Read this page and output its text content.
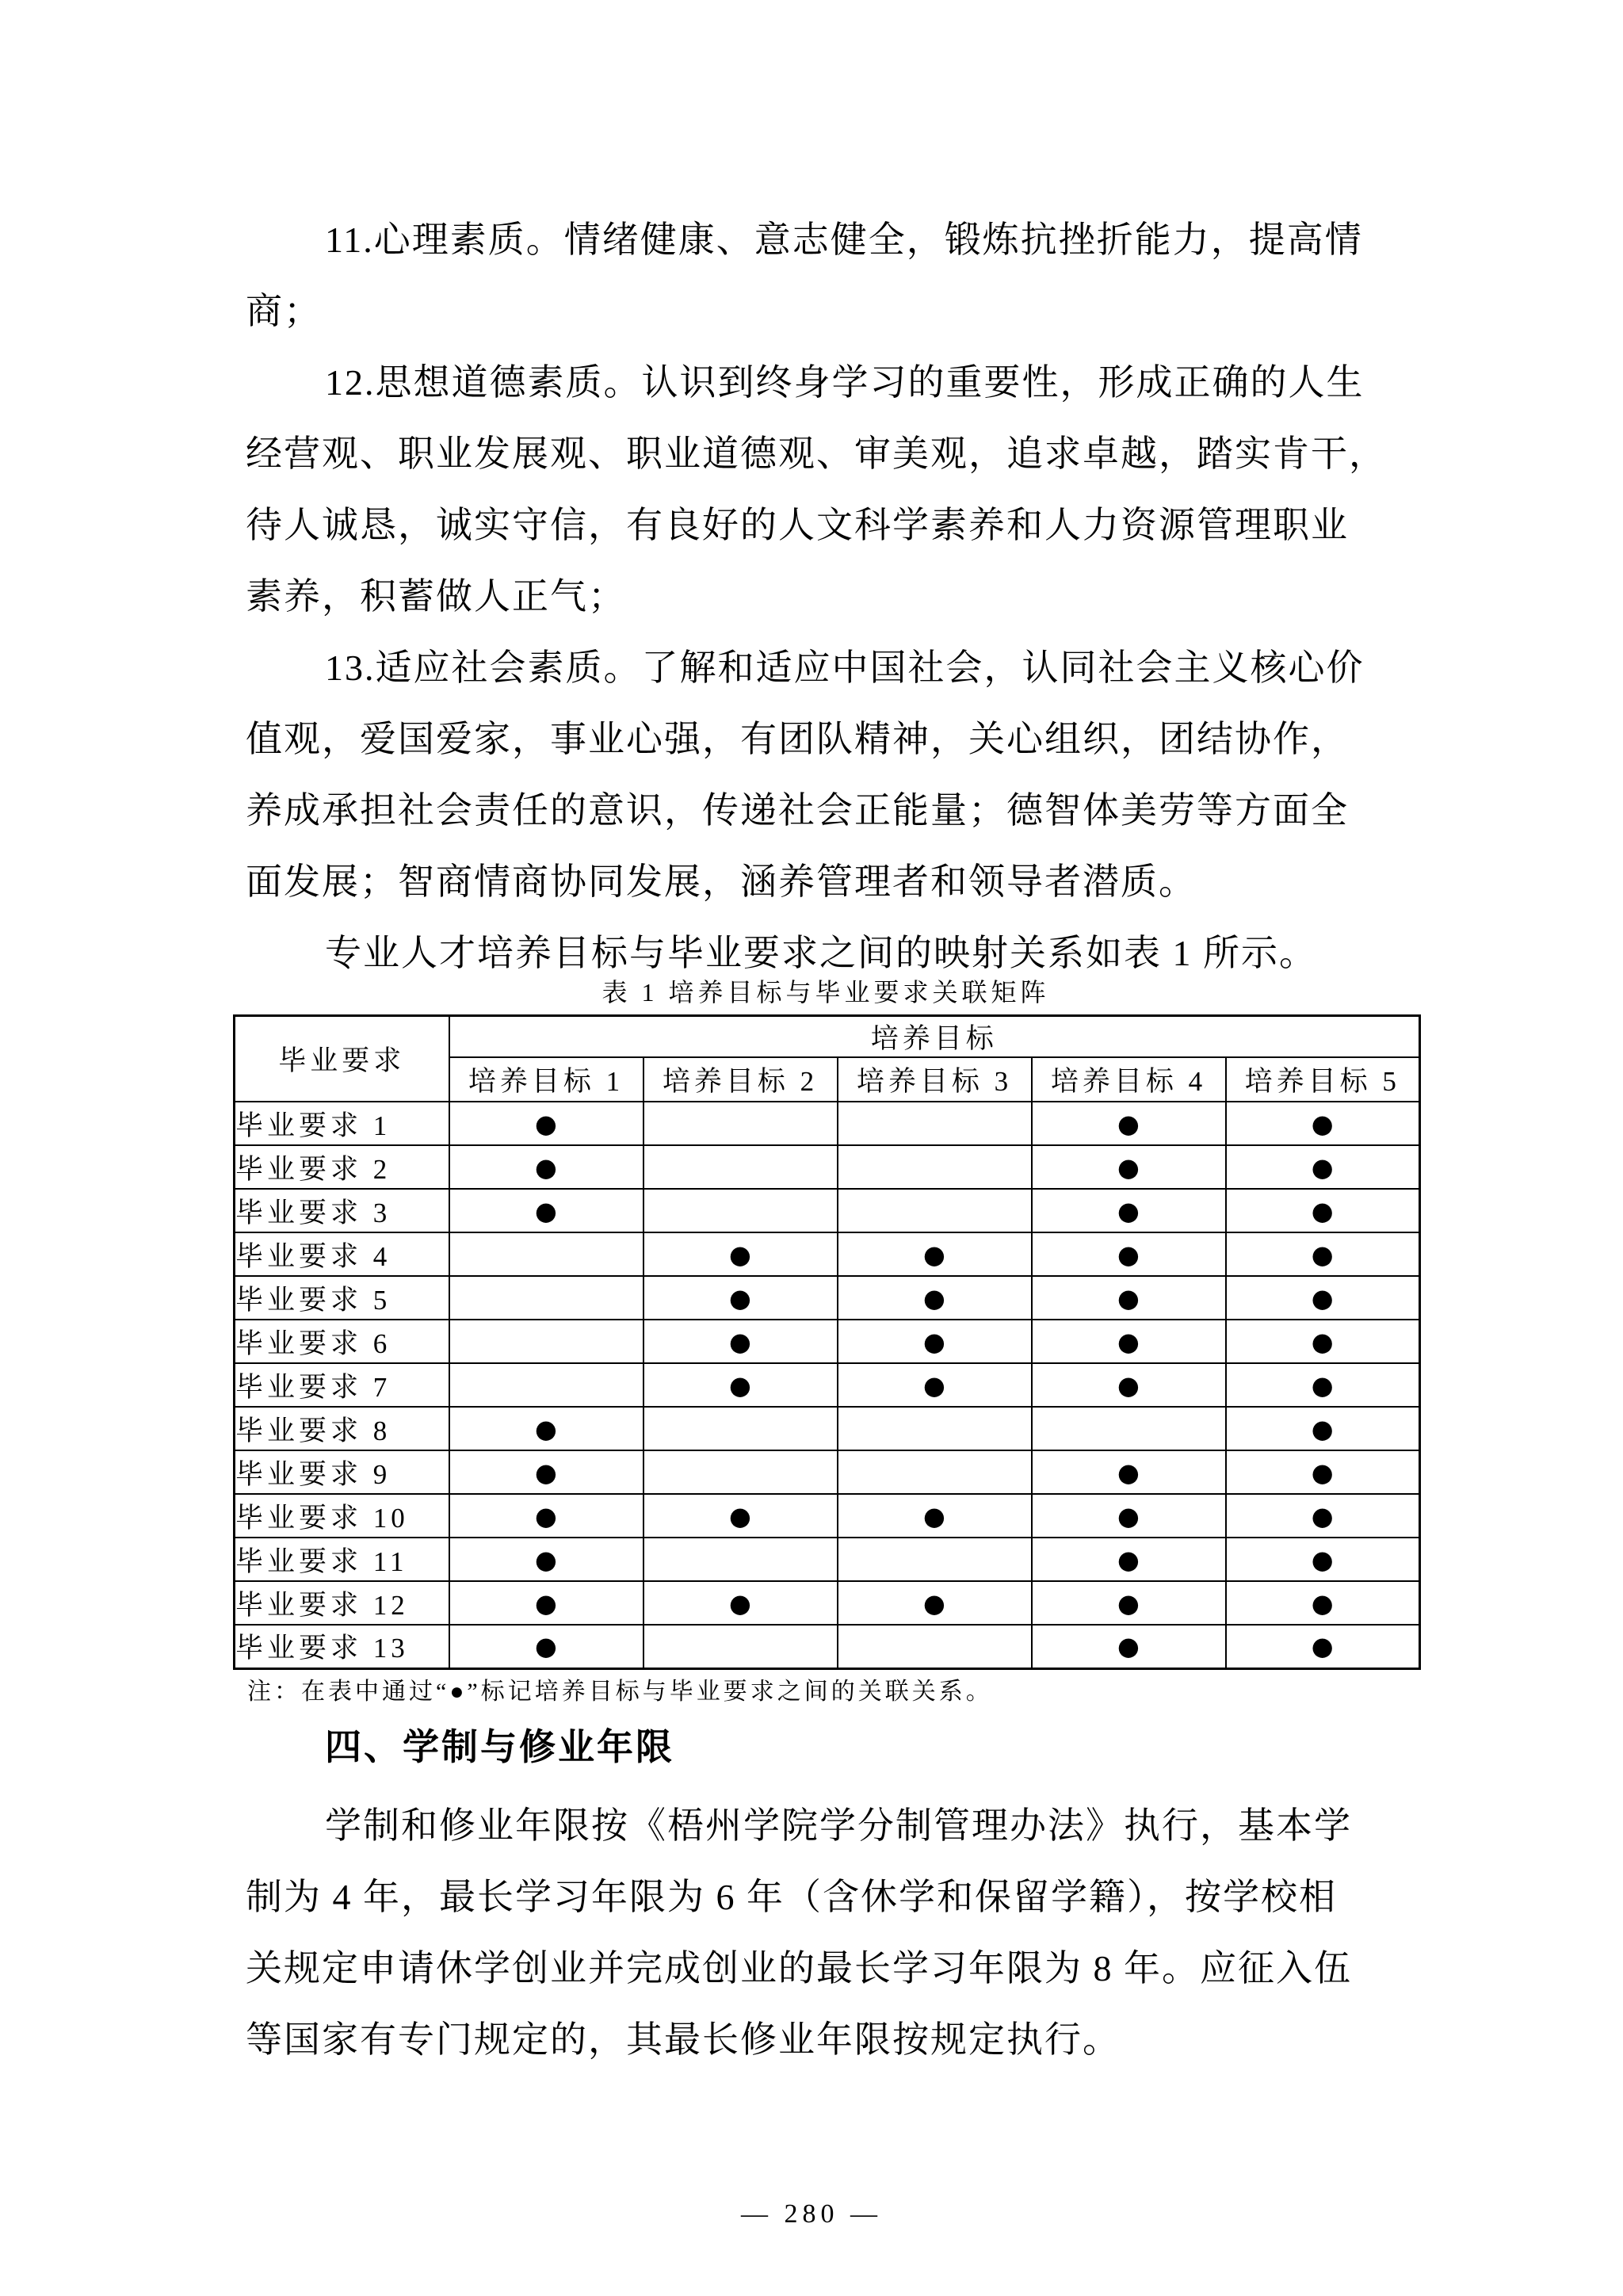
11.心理素质。情绪健康、意志健全，锻炼抗挫折能力，提高情
商；
12.思想道德素质。认识到终身学习的重要性，形成正确的人生
经营观、职业发展观、职业道德观、审美观，追求卓越，踏实肯干，
待人诚恳，诚实守信，有良好的人文科学素养和人力资源管理职业
素养，积蓄做人正气；
13.适应社会素质。了解和适应中国社会，认同社会主义核心价
值观，爱国爱家，事业心强，有团队精神，关心组织，团结协作，
养成承担社会责任的意识，传递社会正能量；德智体美劳等方面全
面发展；智商情商协同发展，涵养管理者和领导者潜质。
专业人才培养目标与毕业要求之间的映射关系如表 1 所示。
表 1 培养目标与毕业要求关联矩阵
毕业要求	培养目标				
	培养目标 1	培养目标 2	培养目标 3	培养目标 4	培养目标 5
毕业要求 1	●			●	●
毕业要求 2	●			●	●
毕业要求 3	●			●	●
毕业要求 4		●	●	●	●
毕业要求 5		●	●	●	●
毕业要求 6		●	●	●	●
毕业要求 7		●	●	●	●
毕业要求 8	●				●
毕业要求 9	●			●	●
毕业要求 10	●	●	●	●	●
毕业要求 11	●			●	●
毕业要求 12	●	●	●	●	●
毕业要求 13	●			●	●
注：在表中通过“●”标记培养目标与毕业要求之间的关联关系。
四、学制与修业年限
学制和修业年限按《梧州学院学分制管理办法》执行，基本学
制为 4 年，最长学习年限为 6 年（含休学和保留学籍），按学校相
关规定申请休学创业并完成创业的最长学习年限为 8 年。应征入伍
等国家有专门规定的，其最长修业年限按规定执行。
— 280 —
